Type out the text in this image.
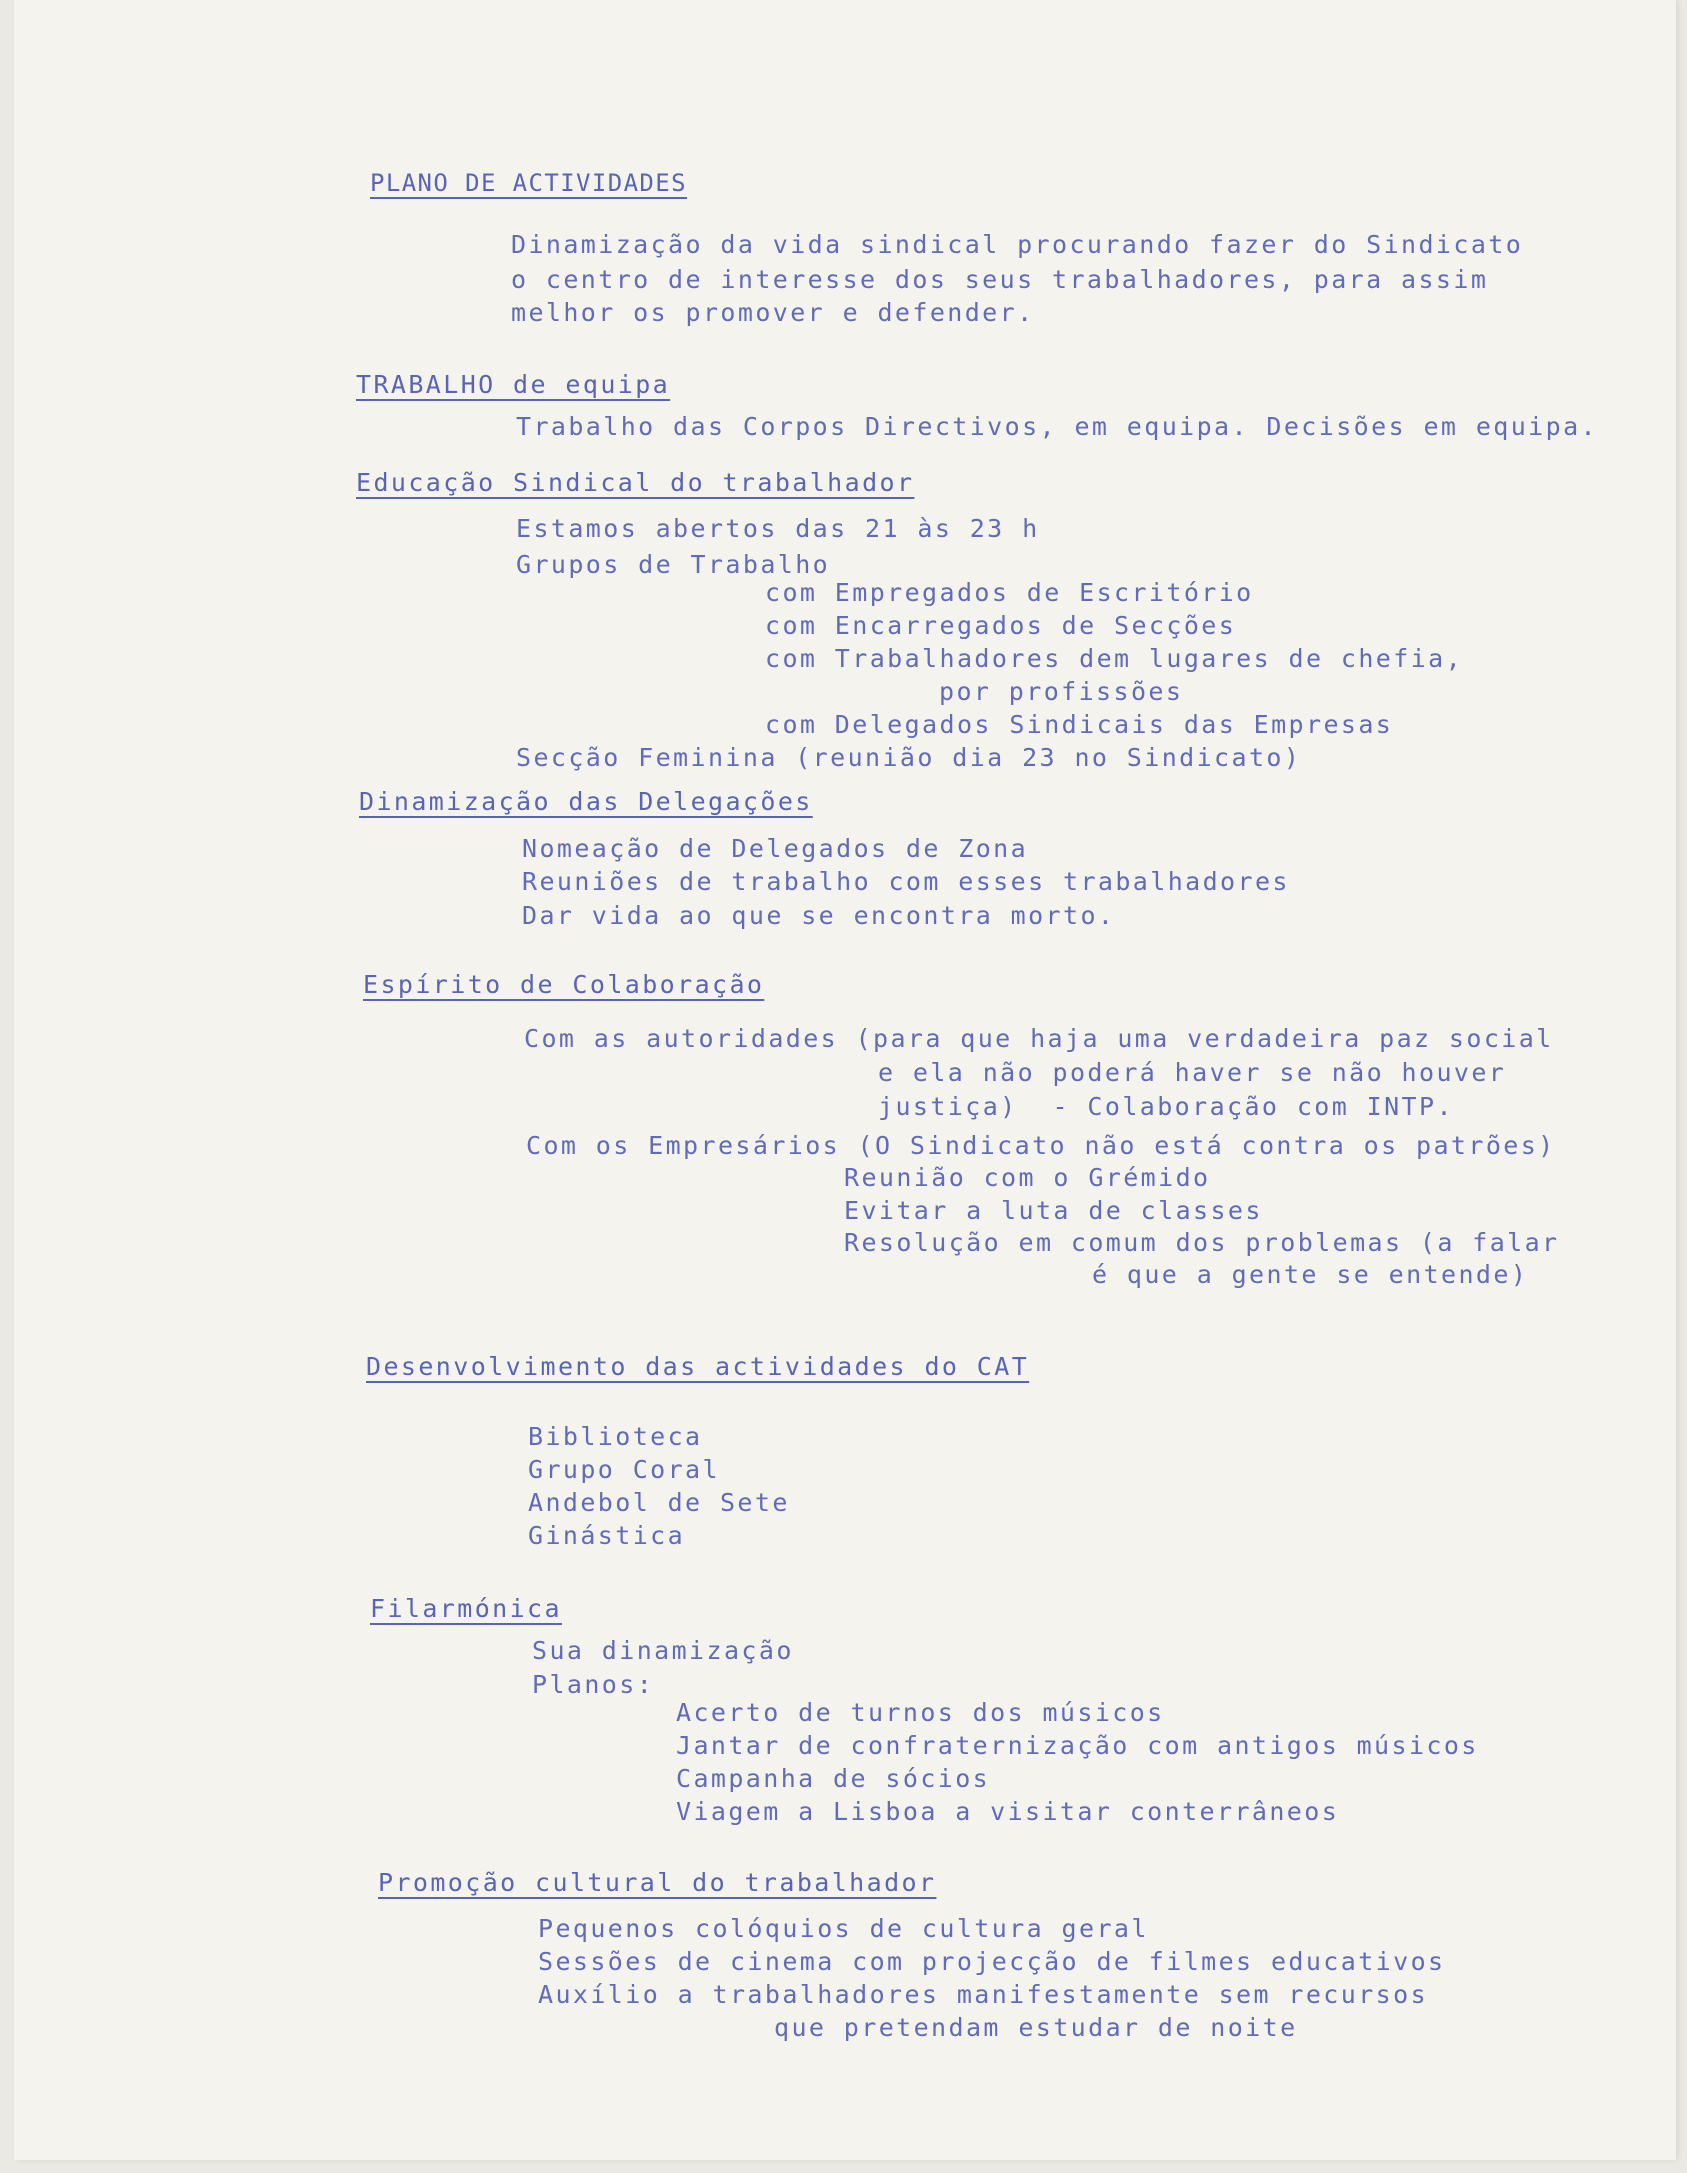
PLANO DE ACTIVIDADES
Dinamização da vida sindical procurando fazer do Sindicato
o centro de interesse dos seus trabalhadores, para assim
melhor os promover e defender.
TRABALHO de equipa
Trabalho das Corpos Directivos, em equipa. Decisões em equipa.
Educação Sindical do trabalhador
Estamos abertos das 21 às 23 h
Grupos de Trabalho
com Empregados de Escritório
com Encarregados de Secções
com Trabalhadores dem lugares de chefia,
por profissões
com Delegados Sindicais das Empresas
Secção Feminina (reunião dia 23 no Sindicato)
Dinamização das Delegações
Nomeação de Delegados de Zona
Reuniões de trabalho com esses trabalhadores
Dar vida ao que se encontra morto.
Espírito de Colaboração
Com as autoridades (para que haja uma verdadeira paz social
e ela não poderá haver se não houver
justiça)  - Colaboração com INTP.
Com os Empresários (O Sindicato não está contra os patrões)
Reunião com o Grémido
Evitar a luta de classes
Resolução em comum dos problemas (a falar
é que a gente se entende)
Desenvolvimento das actividades do CAT
Biblioteca
Grupo Coral
Andebol de Sete
Ginástica
Filarmónica
Sua dinamização
Planos:
Acerto de turnos dos músicos
Jantar de confraternização com antigos músicos
Campanha de sócios
Viagem a Lisboa a visitar conterrâneos
Promoção cultural do trabalhador
Pequenos colóquios de cultura geral
Sessões de cinema com projecção de filmes educativos
Auxílio a trabalhadores manifestamente sem recursos
que pretendam estudar de noite
